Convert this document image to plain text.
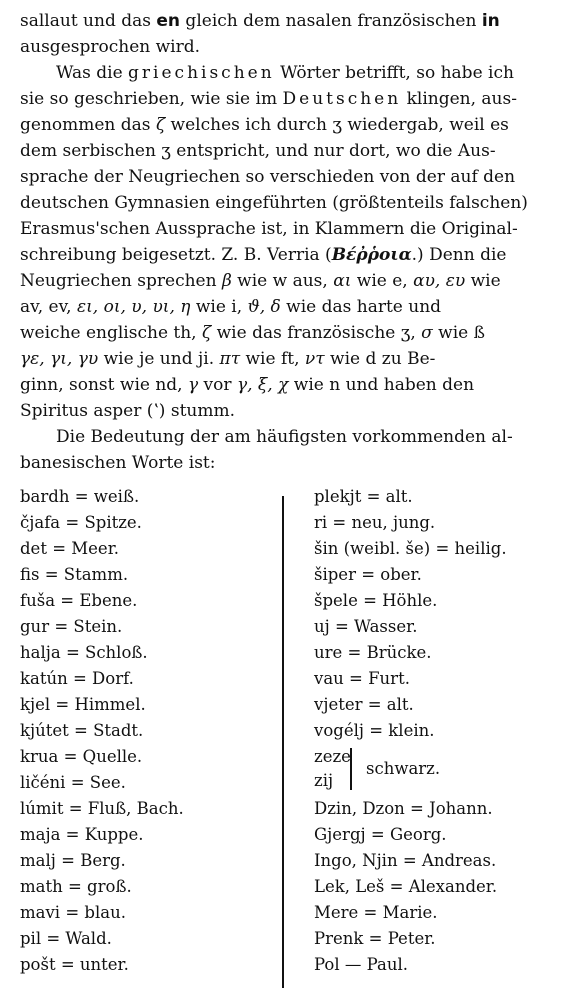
sallaut und das en gleich dem nasalen französischen in
ausgesprochen wird.
Was die griechischen Wörter betrifft, so habe ich
sie so geschrieben, wie sie im Deutschen klingen, aus-
genommen das ζ welches ich durch ʒ wiedergab, weil es
dem serbischen ʒ entspricht, und nur dort, wo die Aus-
sprache der Neugriechen so verschieden von der auf den
deutschen Gymnasien eingeführten (größtenteils falschen)
Erasmus'schen Aussprache ist, in Klammern die Original-
schreibung beigesetzt. Z. B. Verria (Βέῤῥοια.) Denn die
Neugriechen sprechen β wie w aus, αι wie e, αυ, ευ wie
av, ev, ει, οι, υ, υι, η wie i, ϑ, δ wie das harte und
weiche englische th, ζ wie das französische ʒ, σ wie ß
γε, γι, γυ wie je und ji. πτ wie ft, ντ wie d zu Be-
ginn, sonst wie nd, γ vor γ, ξ, χ wie n und haben den
Spiritus asper (ʽ) stumm.
Die Bedeutung der am häufigsten vorkommenden al-
banesischen Worte ist:
bardh = weiß.
čjafa = Spitze.
det = Meer.
fis = Stamm.
fuša = Ebene.
gur = Stein.
halja = Schloß.
katún = Dorf.
kjel = Himmel.
kjútet = Stadt.
krua = Quelle.
ličéni = See.
lúmit = Fluß, Bach.
maja = Kuppe.
malj = Berg.
math = groß.
mavi = blau.
pil = Wald.
pošt = unter.
plekjt = alt.
ri = neu, jung.
šin (weibl. še) = heilig.
šiper = ober.
špele = Höhle.
uj = Wasser.
ure = Brücke.
vau = Furt.
vjeter = alt.
vogélj = klein.
zeze
zij
schwarz.
Dzin, Dzon = Johann.
Gjergj = Georg.
Ingo, Njin = Andreas.
Lek, Leš = Alexander.
Mere = Marie.
Prenk = Peter.
Pol — Paul.
